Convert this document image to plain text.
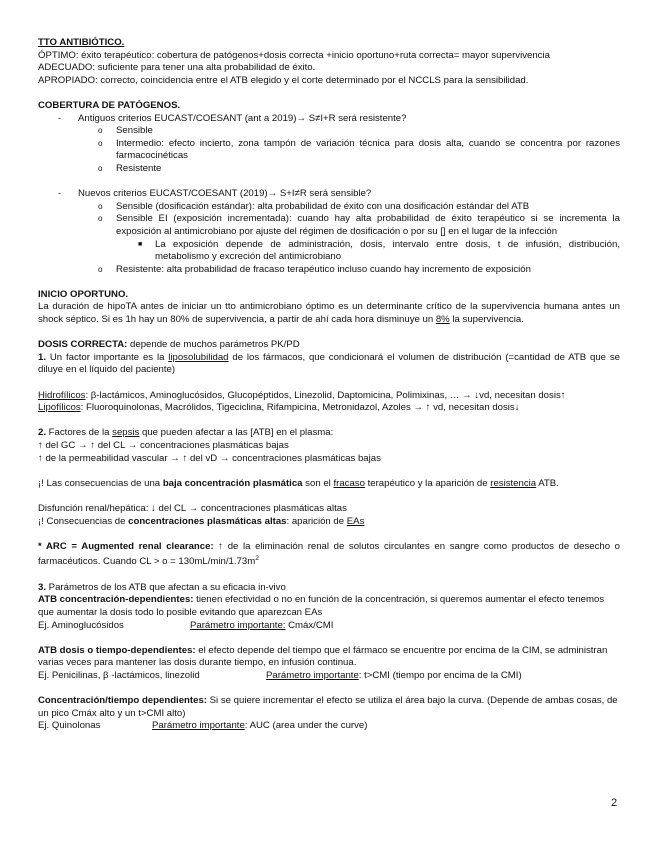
TTO ANTIBIÓTICO.

ÓPTIMO: éxito terapéutico: cobertura de patógenos+dosis correcta +inicio oportuno+ruta correcta= mayor supervivencia

ADECUADO: suficiente para tener una alta probabilidad de éxito.

APROPIADO: correcto, coincidencia entre el ATB elegido y el corte determinado por el NCCLS para la sensibilidad.

COBERTURA DE PATÓGENOS.

- Antiguos criterios EUCAST/COESANT (ant a 2019)→ S≠I+R será resistente?
o Sensible
o Intermedio: efecto incierto, zona tampón de variación técnica para dosis alta, cuando se concentra por razones farmacocinéticas
o Resistente
- Nuevos criterios EUCAST/COESANT (2019)→ S+I≠R será sensible?
o Sensible (dosificación estándar): alta probabilidad de éxito con una dosificación estándar del ATB
o Sensible EI (exposición incrementada): cuando hay alta probabilidad de éxito terapéutico si se incrementa la exposición al antimicrobiano por ajuste del régimen de dosificación o por su [] en el lugar de la infección
■ La exposición depende de administración, dosis, intervalo entre dosis, t de infusión, distribución, metabolismo y excreción del antimicrobiano
o Resistente: alta probabilidad de fracaso terapéutico incluso cuando hay incremento de exposición

INICIO OPORTUNO.

La duración de hipoTA antes de iniciar un tto antimicrobiano óptimo es un determinante crítico de la supervivencia humana antes un shock séptico. Si es 1h hay un 80% de supervivencia, a partir de ahí cada hora disminuye un 8% la supervivencia.

DOSIS CORRECTA: depende de muchos parámetros PK/PD

1. Un factor importante es la liposolubilidad de los fármacos, que condicionará el volumen de distribución (=cantidad de ATB que se diluye en el líquido del paciente)

Hidrofílicos: β-lactámicos, Aminoglucósidos, Glucopéptidos, Linezolid, Daptomicina, Polimixinas, … → ↓vd, necesitan dosis↑

Lipofílicos: Fluoroquinolonas, Macrólidos, Tigeciclina, Rifampicina, Metronidazol, Azoles → ↑ vd, necesitan dosis↓

2. Factores de la sepsis que pueden afectar a las [ATB] en el plasma:

↑ del GC → ↑ del CL → concentraciones plasmáticas bajas

↑ de la permeabilidad vascular → ↑ del vD → concentraciones plasmáticas bajas

¡! Las consecuencias de una baja concentración plasmática son el fracaso terapéutico y la aparición de resistencia ATB.

Disfunción renal/hepática: ↓ del CL → concentraciones plasmáticas altas

¡! Consecuencias de concentraciones plasmáticas altas: aparición de EAs

* ARC = Augmented renal clearance: ↑ de la eliminación renal de solutos circulantes en sangre como productos de desecho o farmacéuticos. Cuando CL > $o = 130mL/\min/1.73m^2$

3. Parámetros de los ATB que afectan a su eficacia in-vivo

ATB concentración-dependientes: tienen efectividad o no en función de la concentración, si queremos aumentar el efecto tenemos que aumentar la dosis todo lo posible evitando que aparezcan EAs

Ej. Aminoglucósidos	Parámetro importante: Cmáx/CMI

ATB dosis o tiempo-dependientes: el efecto depende del tiempo que el fármaco se encuentre por encima de la CIM, se administran varias veces para mantener las dosis durante tiempo, en infusión continua.

Ej. Penicilinas, β -lactámicos, linezolid	Parámetro importante: t>CMI (tiempo por encima de la CMI)

Concentración/tiempo dependientes: Si se quiere incrementar el efecto se utiliza el área bajo la curva. (Depende de ambas cosas, de un pico Cmáx alto y un t>CMI alto)

Ej. Quinolonas	Parámetro importante: AUC (area under the curve)

2
